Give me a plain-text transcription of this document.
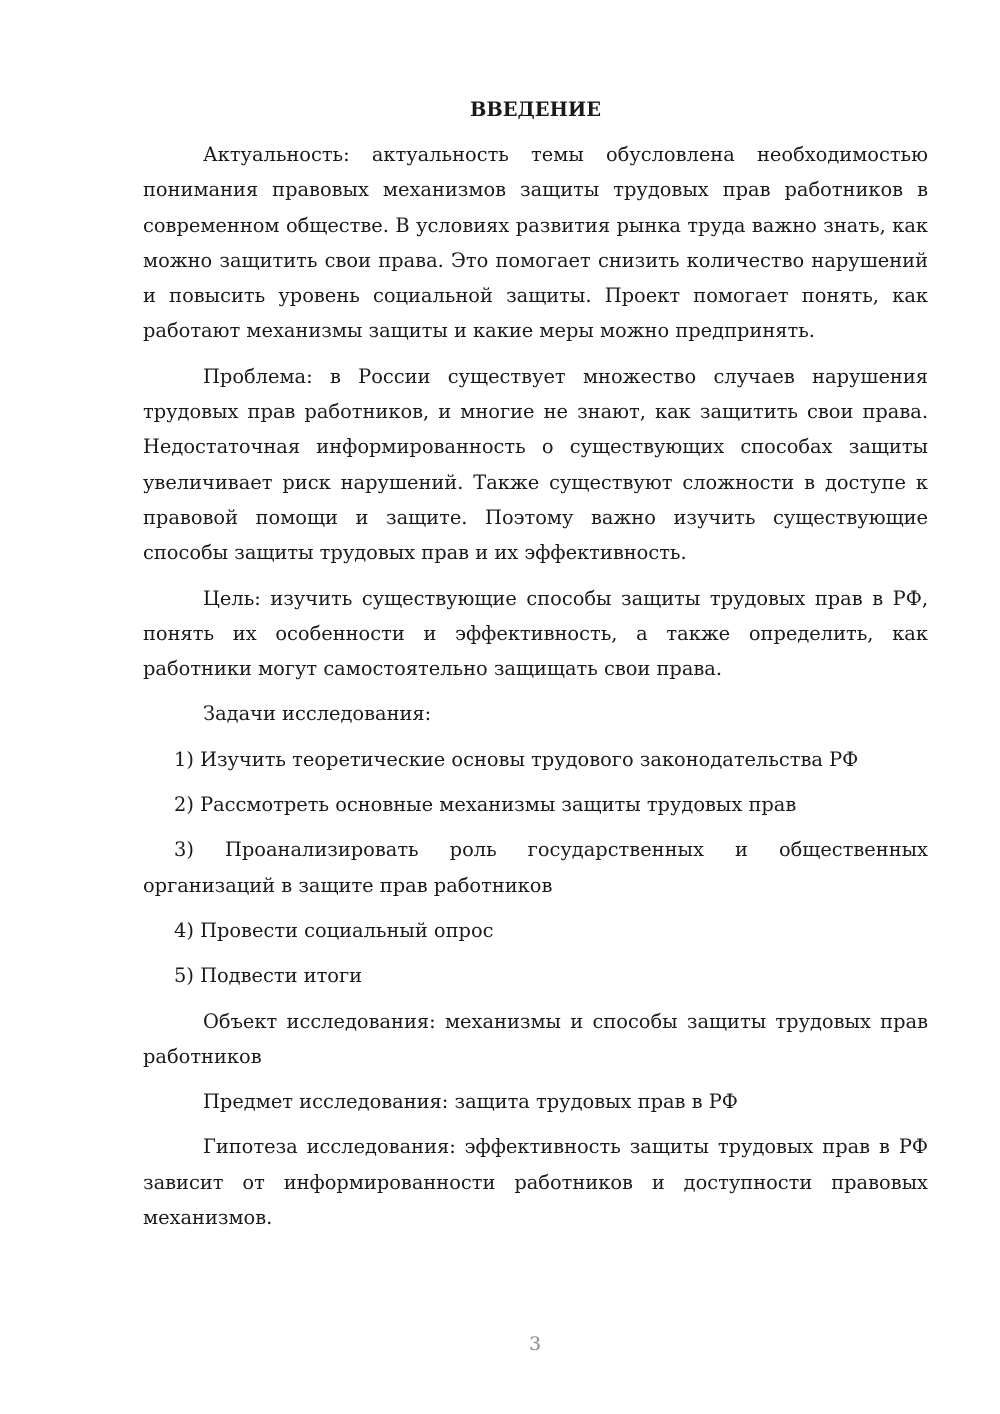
ВВЕДЕНИЕ

Актуальность: актуальность темы обусловлена необходимостью понимания правовых механизмов защиты трудовых прав работников в современном обществе. В условиях развития рынка труда важно знать, как можно защитить свои права. Это помогает снизить количество нарушений и повысить уровень социальной защиты. Проект помогает понять, как работают механизмы защиты и какие меры можно предпринять.

Проблема: в России существует множество случаев нарушения трудовых прав работников, и многие не знают, как защитить свои права. Недостаточная информированность о существующих способах защиты увеличивает риск нарушений. Также существуют сложности в доступе к правовой помощи и защите. Поэтому важно изучить существующие способы защиты трудовых прав и их эффективность.

Цель: изучить существующие способы защиты трудовых прав в РФ, понять их особенности и эффективность, а также определить, как работники могут самостоятельно защищать свои права.

Задачи исследования:

1) Изучить теоретические основы трудового законодательства РФ

2) Рассмотреть основные механизмы защиты трудовых прав

3) Проанализировать роль государственных и общественных организаций в защите прав работников

4) Провести социальный опрос

5) Подвести итоги

Объект исследования: механизмы и способы защиты трудовых прав работников

Предмет исследования: защита трудовых прав в РФ

Гипотеза исследования: эффективность защиты трудовых прав в РФ зависит от информированности работников и доступности правовых механизмов.

3
